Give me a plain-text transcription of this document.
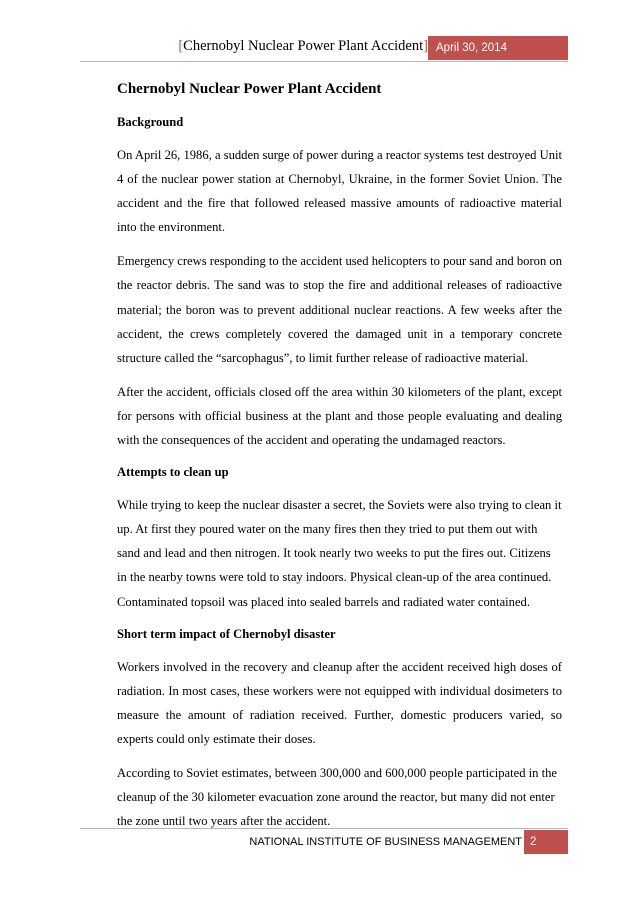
[Chernobyl Nuclear Power Plant Accident] April 30, 2014
Chernobyl Nuclear Power Plant Accident
Background

On April 26, 1986, a sudden surge of power during a reactor systems test destroyed Unit 4 of the nuclear power station at Chernobyl, Ukraine, in the former Soviet Union. The accident and the fire that followed released massive amounts of radioactive material into the environment.

Emergency crews responding to the accident used helicopters to pour sand and boron on the reactor debris. The sand was to stop the fire and additional releases of radioactive material; the boron was to prevent additional nuclear reactions. A few weeks after the accident, the crews completely covered the damaged unit in a temporary concrete structure called the “sarcophagus”, to limit further release of radioactive material.

After the accident, officials closed off the area within 30 kilometers of the plant, except for persons with official business at the plant and those people evaluating and dealing with the consequences of the accident and operating the undamaged reactors.

Attempts to clean up

While trying to keep the nuclear disaster a secret, the Soviets were also trying to clean it up. At first they poured water on the many fires then they tried to put them out with sand and lead and then nitrogen. It took nearly two weeks to put the fires out. Citizens in the nearby towns were told to stay indoors. Physical clean-up of the area continued. Contaminated topsoil was placed into sealed barrels and radiated water contained.

Short term impact of Chernobyl disaster

Workers involved in the recovery and cleanup after the accident received high doses of radiation. In most cases, these workers were not equipped with individual dosimeters to measure the amount of radiation received. Further, domestic producers varied, so experts could only estimate their doses.

According to Soviet estimates, between 300,000 and 600,000 people participated in the cleanup of the 30 kilometer evacuation zone around the reactor, but many did not enter the zone until two years after the accident.

NATIONAL INSTITUTE OF BUSINESS MANAGEMENT 2
